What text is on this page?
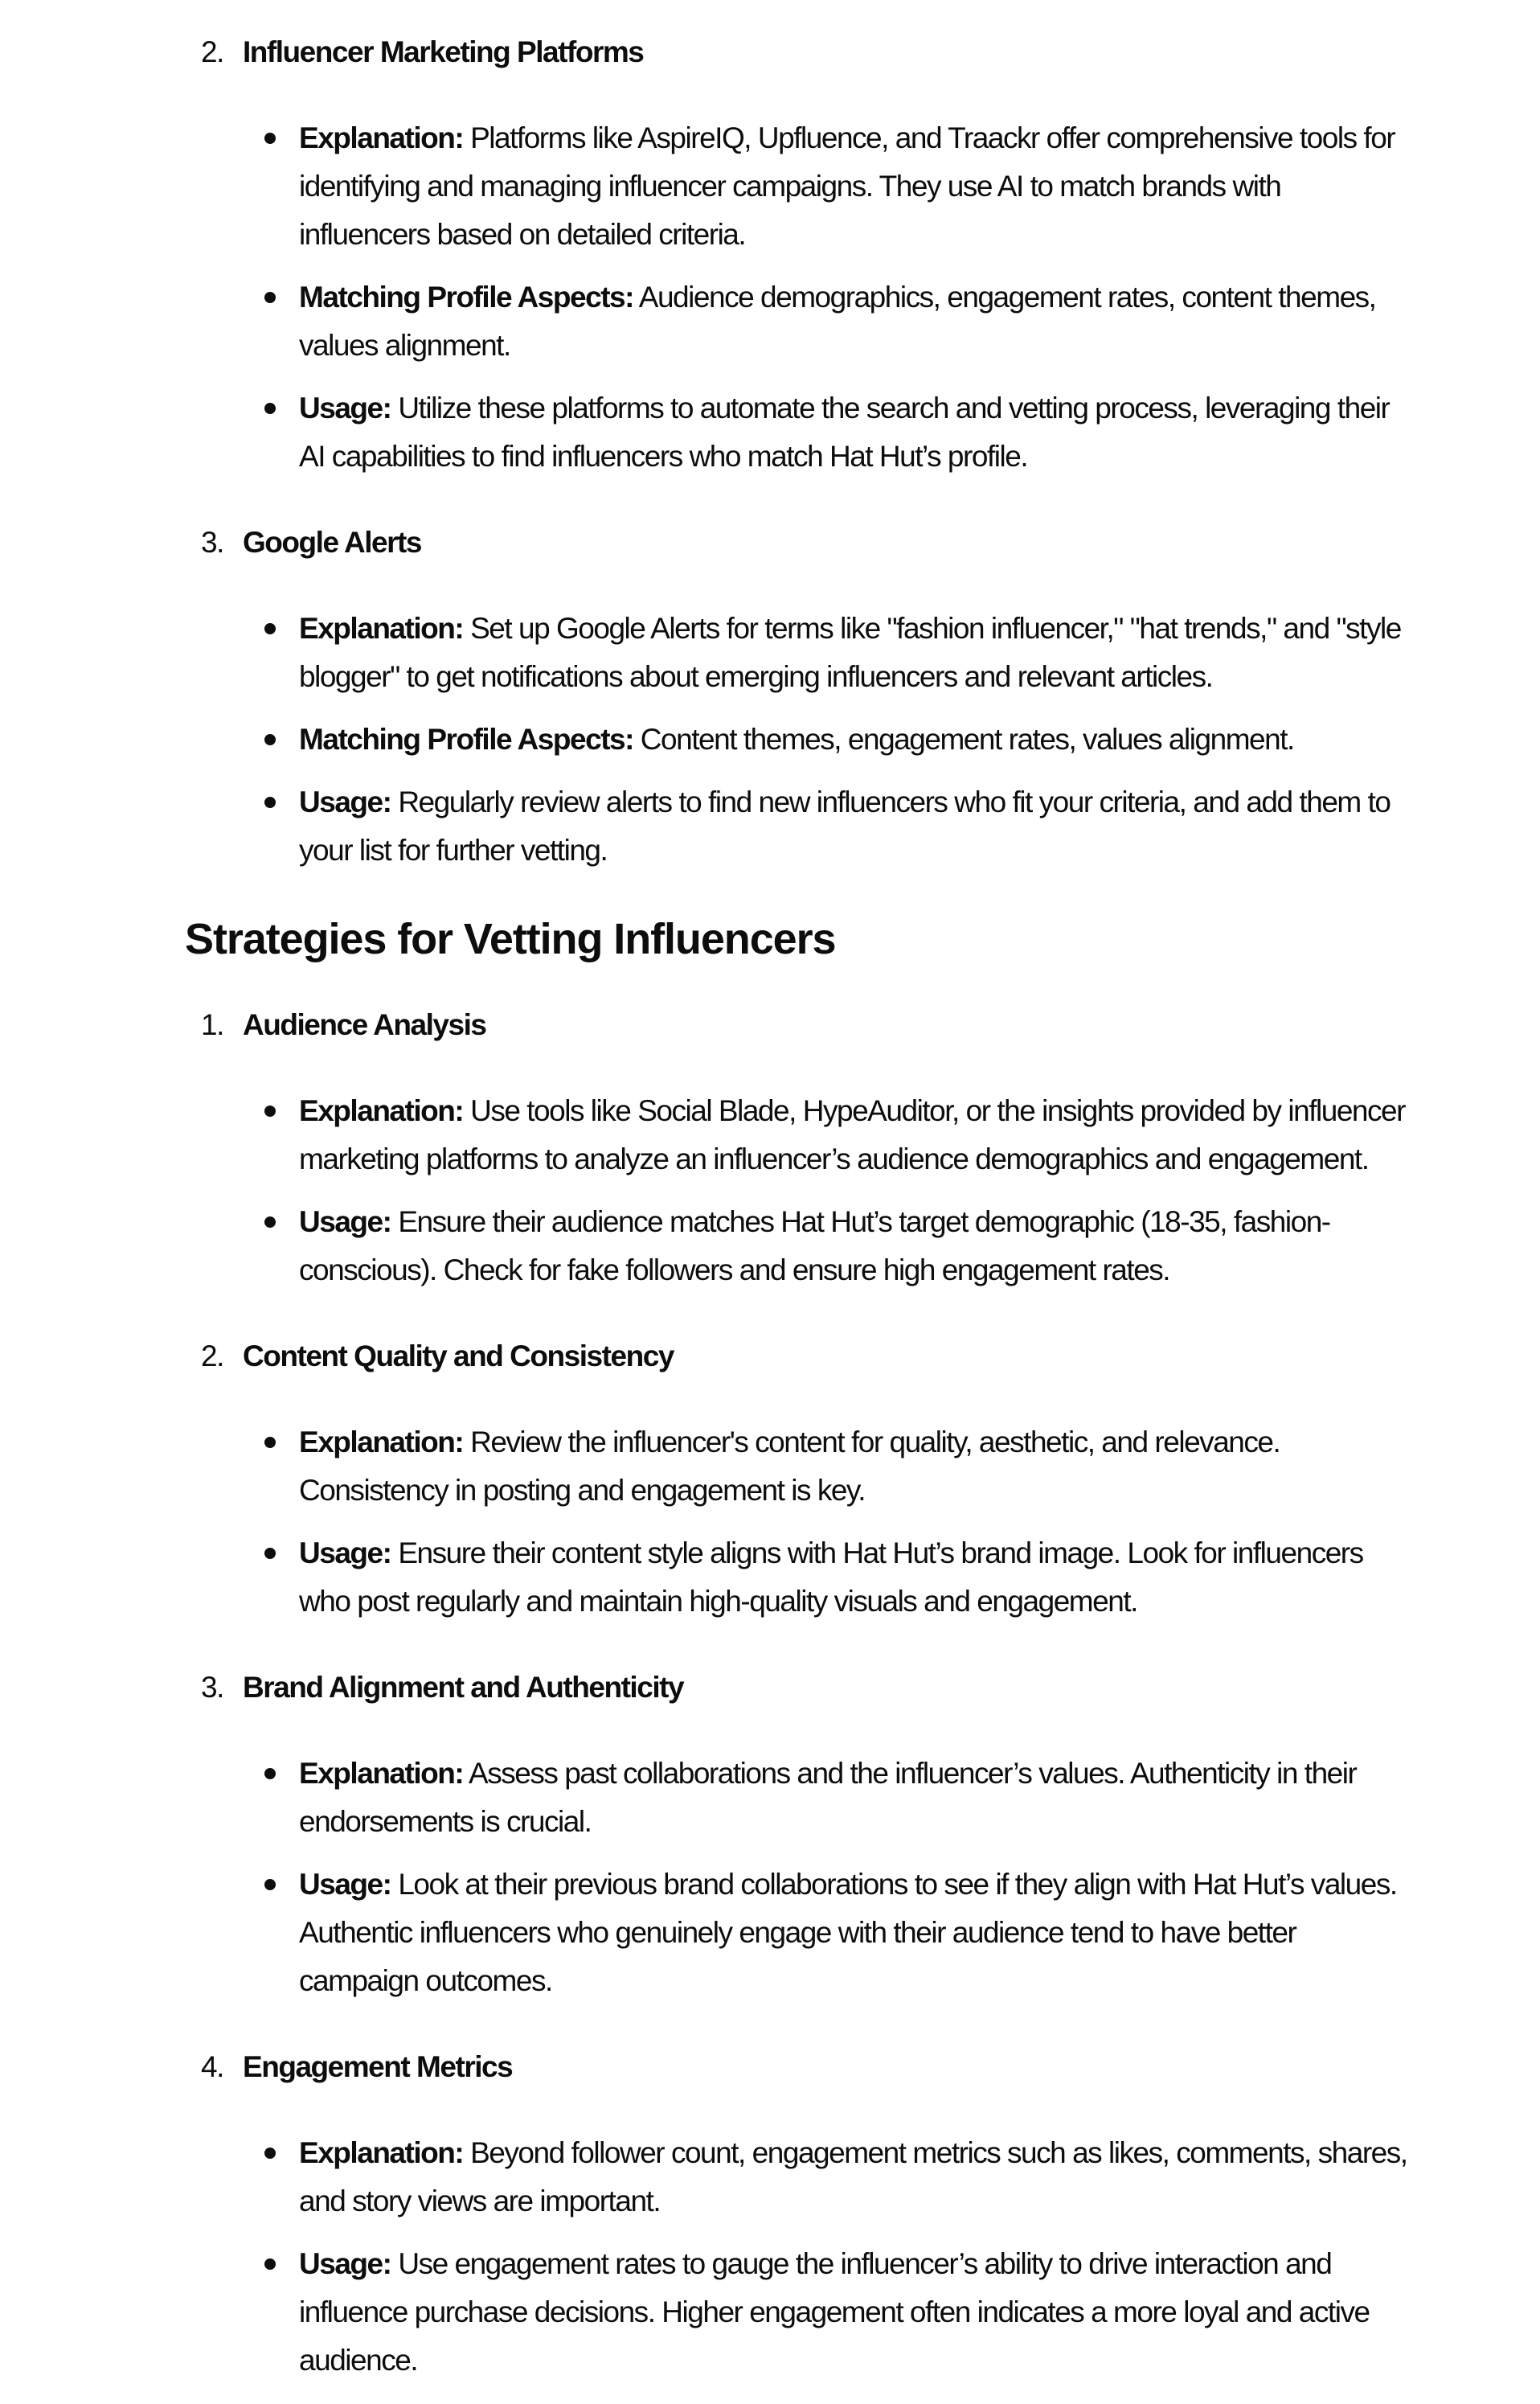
2. Influencer Marketing Platforms
Explanation: Platforms like AspireIQ, Upfluence, and Traackr offer comprehensive tools for
identifying and managing influencer campaigns. They use AI to match brands with
influencers based on detailed criteria.
Matching Profile Aspects: Audience demographics, engagement rates, content themes,
values alignment.
Usage: Utilize these platforms to automate the search and vetting process, leveraging their
AI capabilities to find influencers who match Hat Hut’s profile.
3. Google Alerts
Explanation: Set up Google Alerts for terms like "fashion influencer," "hat trends," and "style
blogger" to get notifications about emerging influencers and relevant articles.
Matching Profile Aspects: Content themes, engagement rates, values alignment.
Usage: Regularly review alerts to find new influencers who fit your criteria, and add them to
your list for further vetting.
Strategies for Vetting Influencers
1. Audience Analysis
Explanation: Use tools like Social Blade, HypeAuditor, or the insights provided by influencer
marketing platforms to analyze an influencer’s audience demographics and engagement.
Usage: Ensure their audience matches Hat Hut’s target demographic (18-35, fashion-
conscious). Check for fake followers and ensure high engagement rates.
2. Content Quality and Consistency
Explanation: Review the influencer's content for quality, aesthetic, and relevance.
Consistency in posting and engagement is key.
Usage: Ensure their content style aligns with Hat Hut’s brand image. Look for influencers
who post regularly and maintain high-quality visuals and engagement.
3. Brand Alignment and Authenticity
Explanation: Assess past collaborations and the influencer’s values. Authenticity in their
endorsements is crucial.
Usage: Look at their previous brand collaborations to see if they align with Hat Hut’s values.
Authentic influencers who genuinely engage with their audience tend to have better
campaign outcomes.
4. Engagement Metrics
Explanation: Beyond follower count, engagement metrics such as likes, comments, shares,
and story views are important.
Usage: Use engagement rates to gauge the influencer’s ability to drive interaction and
influence purchase decisions. Higher engagement often indicates a more loyal and active
audience.
